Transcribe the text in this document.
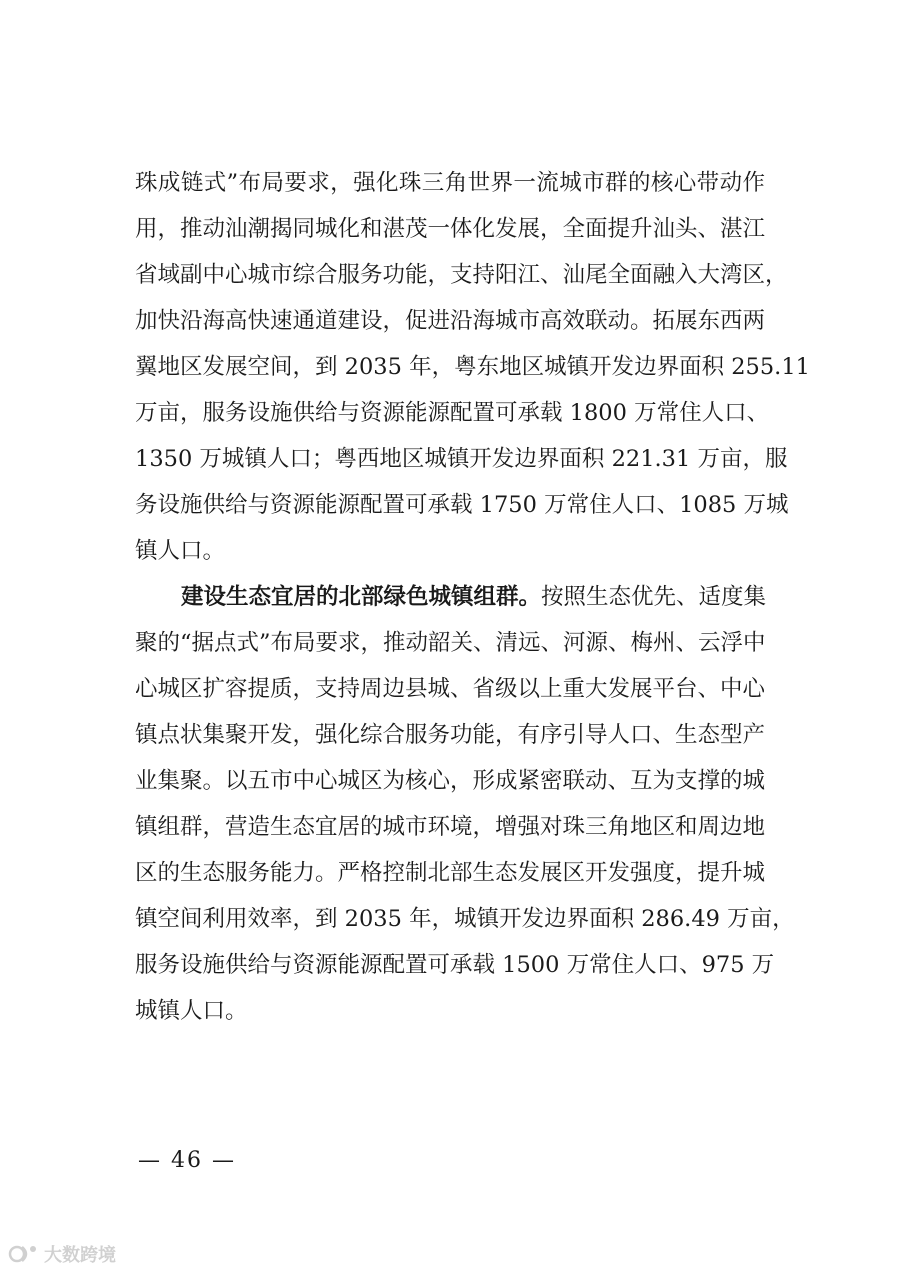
珠成链式”布局要求，强化珠三角世界一流城市群的核心带动作
用，推动汕潮揭同城化和湛茂一体化发展，全面提升汕头、湛江
省域副中心城市综合服务功能，支持阳江、汕尾全面融入大湾区，
加快沿海高快速通道建设，促进沿海城市高效联动。拓展东西两
翼地区发展空间，到 2035 年，粤东地区城镇开发边界面积 255.11
万亩，服务设施供给与资源能源配置可承载 1800 万常住人口、
1350 万城镇人口；粤西地区城镇开发边界面积 221.31 万亩，服
务设施供给与资源能源配置可承载 1750 万常住人口、1085 万城
镇人口。
建设生态宜居的北部绿色城镇组群。按照生态优先、适度集
聚的“据点式”布局要求，推动韶关、清远、河源、梅州、云浮中
心城区扩容提质，支持周边县城、省级以上重大发展平台、中心
镇点状集聚开发，强化综合服务功能，有序引导人口、生态型产
业集聚。以五市中心城区为核心，形成紧密联动、互为支撑的城
镇组群，营造生态宜居的城市环境，增强对珠三角地区和周边地
区的生态服务能力。严格控制北部生态发展区开发强度，提升城
镇空间利用效率，到 2035 年，城镇开发边界面积 286.49 万亩，
服务设施供给与资源能源配置可承载 1500 万常住人口、975 万
城镇人口。
— 46 —
大数跨境
